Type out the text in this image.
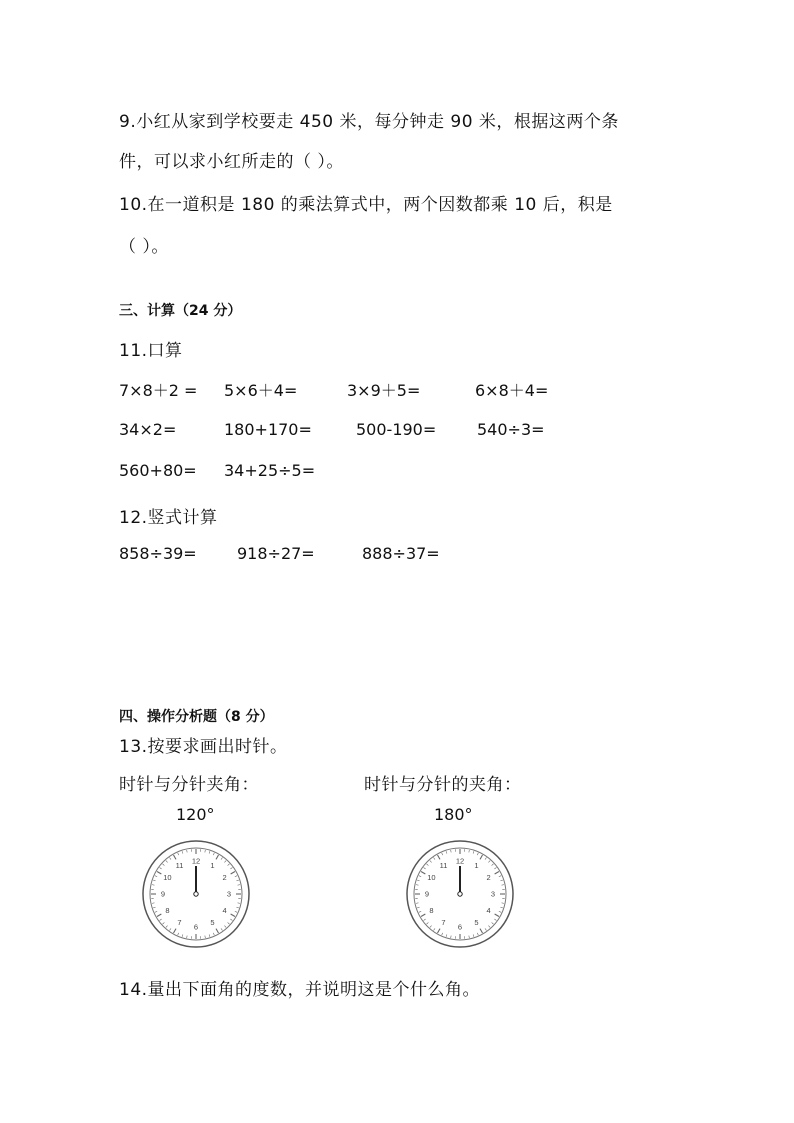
9.小红从家到学校要走 450 米，每分钟走 90 米，根据这两个条
件，可以求小红所走的（ ）。
10.在一道积是 180 的乘法算式中，两个因数都乘 10 后，积是
（ ）。
三、计算（24 分）
11.口算
7×8＋2 = 5×6＋4=	3×9＋5=	6×8＋4=
34×2=	180+170=	500-190=	540÷3=
560+80= 34+25÷5=
12.竖式计算
858÷39=	918÷27=	888÷37=
四、操作分析题（8 分）
13.按要求画出时针。
时针与分针夹角：	时针与分针的夹角：
120°	180°
12 1
2
3
4
5
6
7
8
9
10
11	12 1
2
3
4
5
6
7
8
9
10
11
14.量出下面角的度数，并说明这是个什么角。
